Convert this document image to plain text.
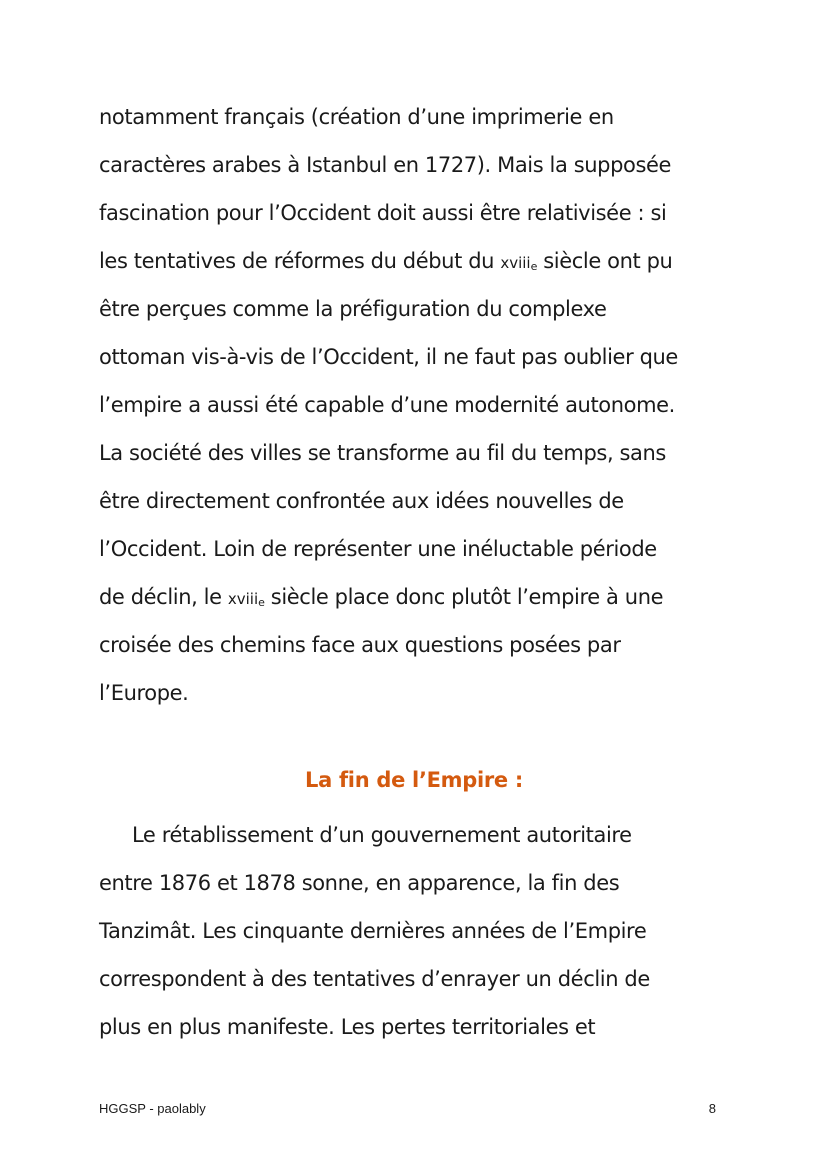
notamment français (création d’une imprimerie en
caractères arabes à Istanbul en 1727). Mais la supposée
fascination pour l’Occident doit aussi être relativisée : si
les tentatives de réformes du début du xviiie siècle ont pu
être perçues comme la préfiguration du complexe
ottoman vis-à-vis de l’Occident, il ne faut pas oublier que
l’empire a aussi été capable d’une modernité autonome.
La société des villes se transforme au fil du temps, sans
être directement confrontée aux idées nouvelles de
l’Occident. Loin de représenter une inéluctable période
de déclin, le xviiie siècle place donc plutôt l’empire à une
croisée des chemins face aux questions posées par
l’Europe.
La fin de l’Empire :
Le rétablissement d’un gouvernement autoritaire
entre 1876 et 1878 sonne, en apparence, la fin des
Tanzimât. Les cinquante dernières années de l’Empire
correspondent à des tentatives d’enrayer un déclin de
plus en plus manifeste. Les pertes territoriales et
HGGSP - paolably	8
